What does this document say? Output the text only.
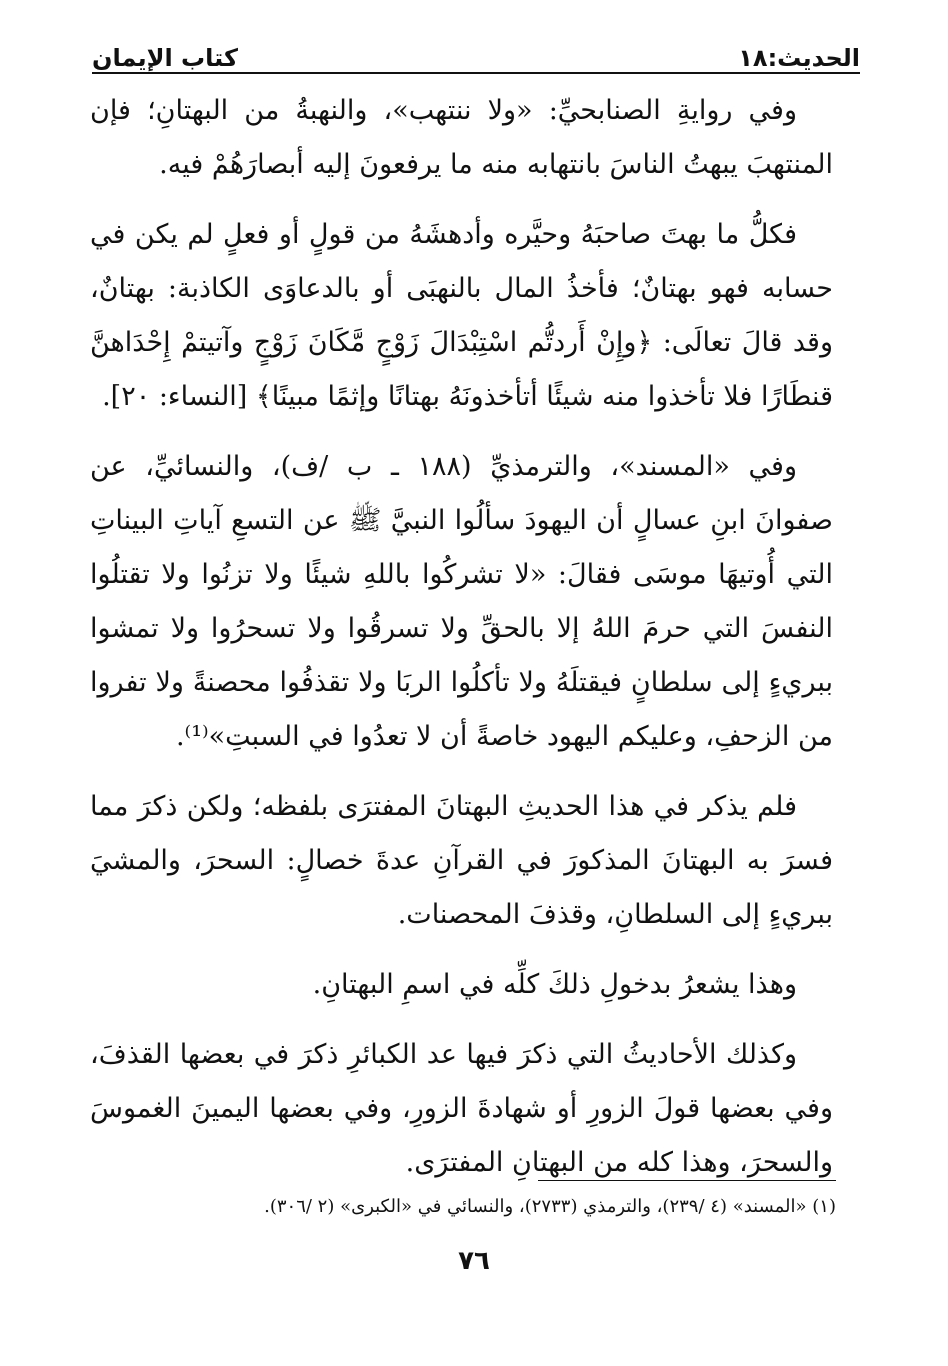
الحديث:١٨
كتاب الإيمان

وفي روايةِ الصنابحيِّ: «ولا ننتهب»، والنهبةُ من البهتانِ؛ فإن المنتهبَ يبهتُ الناسَ بانتهابه منه ما يرفعونَ إليه أبصارَهُمْ فيه.

فكلُّ ما بهتَ صاحبَهُ وحيَّره وأدهشَهُ من قولٍ أو فعلٍ لم يكن في حسابه فهو بهتانٌ؛ فأخذُ المال بالنهبَى أو بالدعاوَى الكاذبة: بهتانٌ، وقد قالَ تعالَى: ﴿وإِنْ أَردتُّم اسْتِبْدَالَ زَوْجٍ مَّكَانَ زَوْجٍ وآتيتمْ إِحْدَاهنَّ قنطَارًا فلا تأخذوا منه شيئًا أتأخذونَهُ بهتانًا وإثمًا مبينًا﴾ [النساء: ٢٠].

وفي «المسند»، والترمذيِّ (١٨٨ ـ ب /ف)، والنسائيِّ، عن صفوانَ ابنِ عسالٍ أن اليهودَ سألُوا النبيَّ ﷺ عن التسعِ آياتِ البيناتِ التي أُوتيهَا موسَى فقالَ: «لا تشركُوا باللهِ شيئًا ولا تزنُوا ولا تقتلُوا النفسَ التي حرمَ اللهُ إلا بالحقِّ ولا تسرقُوا ولا تسحرُوا ولا تمشوا ببريءٍ إلى سلطانٍ فيقتلَهُ ولا تأكلُوا الربَا ولا تقذفُوا محصنةً ولا تفروا من الزحفِ، وعليكم اليهود خاصةً أن لا تعدُوا في السبتِ»⁽¹⁾.

فلم يذكر في هذا الحديثِ البهتانَ المفترَى بلفظه؛ ولكن ذكرَ مما فسرَ به البهتانَ المذكورَ في القرآنِ عدةَ خصالٍ: السحرَ، والمشيَ ببريءٍ إلى السلطانِ، وقذفَ المحصنات.

وهذا يشعرُ بدخولِ ذلكَ كلِّه في اسمِ البهتانِ.

وكذلك الأحاديثُ التي ذكرَ فيها عد الكبائرِ ذكرَ في بعضها القذفَ، وفي بعضها قولَ الزورِ أو شهادةَ الزورِ، وفي بعضها اليمينَ الغموسَ والسحرَ، وهذا كله من البهتانِ المفترَى.

(١) «المسند» (٤ /٢٣٩)، والترمذي (٢٧٣٣)، والنسائي في «الكبرى» (٢ /٣٠٦).
٧٦
